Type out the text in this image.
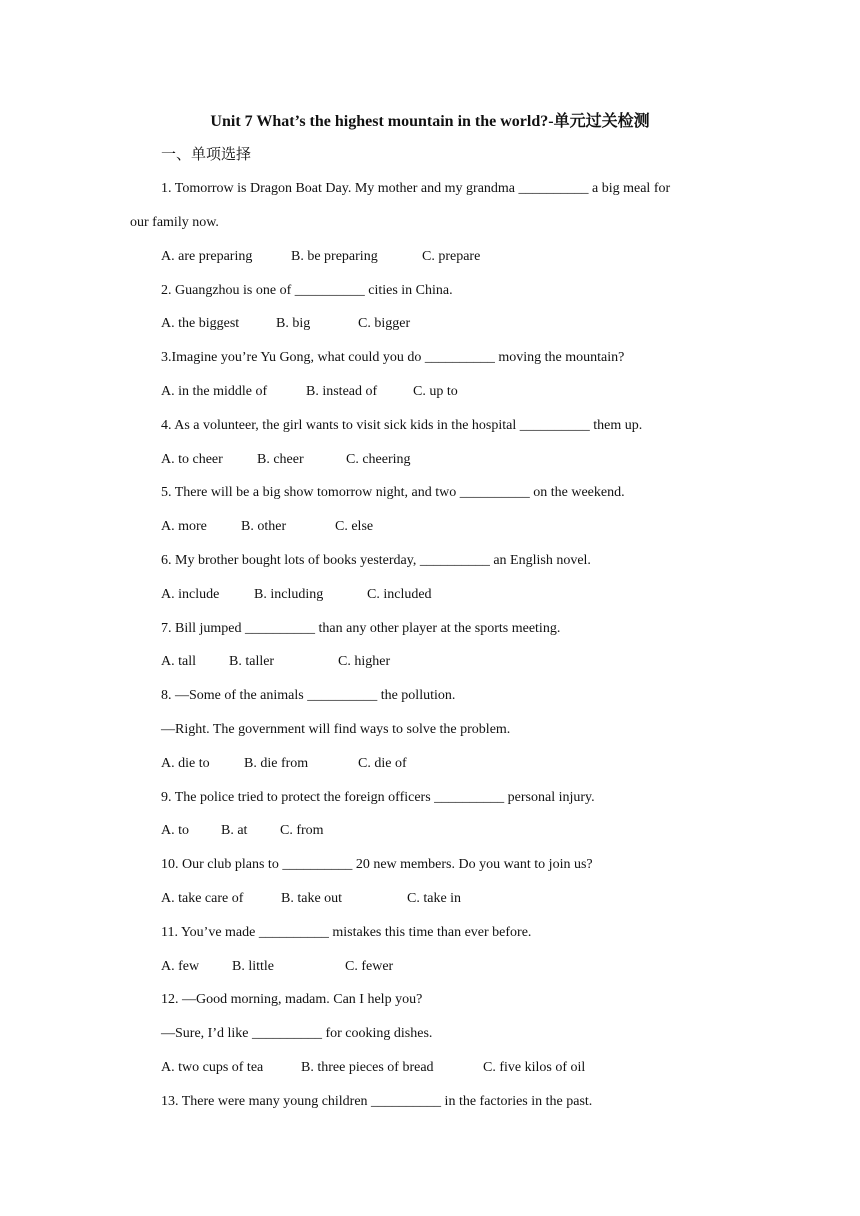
Unit 7 What’s the highest mountain in the world?-单元过关检测
一、单项选择
1. Tomorrow is Dragon Boat Day. My mother and my grandma __________ a big meal for
our family now.
A. are preparing	B. be preparing	C. prepare
2. Guangzhou is one of __________ cities in China.
A. the biggest	B. big	C. bigger
3.Imagine you’re Yu Gong, what could you do __________ moving the mountain?
A. in the middle of	B. instead of	C. up to
4. As a volunteer, the girl wants to visit sick kids in the hospital __________ them up.
A. to cheer B. cheer	C. cheering
5. There will be a big show tomorrow night, and two __________ on the weekend.
A. more B. other	C. else
6. My brother bought lots of books yesterday, __________ an English novel.
A. include B. including	C. included
7. Bill jumped __________ than any other player at the sports meeting.
A. tall B. taller	C. higher
8. —Some of the animals __________ the pollution.
—Right. The government will find ways to solve the problem.
A. die to B. die from	C. die of
9. The police tried to protect the foreign officers __________ personal injury.
A. to B. at C. from
10. Our club plans to __________ 20 new members. Do you want to join us?
A. take care of	B. take out	C. take in
11. You’ve made __________ mistakes this time than ever before.
A. few B. little	C. fewer
12. —Good morning, madam. Can I help you?
—Sure, I’d like __________ for cooking dishes.
A. two cups of tea	B. three pieces of bread	C. five kilos of oil
13. There were many young children __________ in the factories in the past.
